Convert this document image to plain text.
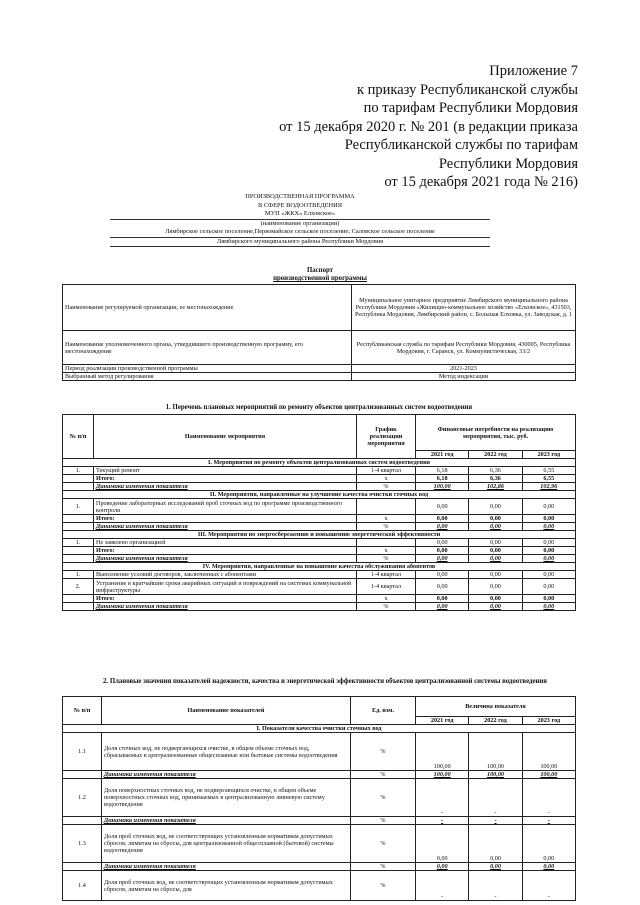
Приложение 7
к приказу Республиканской службы
по тарифам Республики Мордовия
от 15 декабря 2020 г. № 201 (в редакции приказа
Республиканской службы по тарифам
Республики Мордовия
от 15 декабря 2021 года № 216)
ПРОИЗВОДСТВЕННАЯ ПРОГРАММА
В СФЕРЕ ВОДООТВЕДЕНИЯ
МУП «ЖКХ» Елховское»
(наименование организации)
Лямбирское сельское поселение,Первомайское сельское поселение; Саловское сельское поселение
Лямбирского муниципального района Республики Мордовия
Паспорт
производственной программы
Наименование регулируемой организации, ее местонахождение	Муниципальное унитарное предприятие Лямбирского муниципального района Республики Мордовия «Жилищно-коммунальное хозяйство «Елховское», 431503, Республика Мордовия, Лямбирский район, с. Большая Елховка, ул. Заводская, д. 1
Наименование уполномоченного органа, утвердившего производственную программу, его местонахождение	Республиканская служба по тарифам Республики Мордовия, 430005, Республика Мордовия, г. Саранск, ул. Коммунистическая, 33/2
Период реализации производственной программы	2021-2023
Выбранный метод регулирования	Метод индексации
1. Перечень плановых мероприятий по ремонту объектов централизованных систем водоотведения
№ п/п	Наименование мероприятия	График реализации мероприятия	Финансовые потребности на реализацию мероприятия, тыс. руб.		
			2021 год	2022 год	2023 год
I. Мероприятия по ремонту объектов централизованных систем водоотведения					
1.	Текущий ремонт	1-4 квартал	6,18	6,36	6,55
	Итого:	х	6,18	6,36	6,55
	Динамика изменения показателя	%	100,00	102,86	102,96
II. Мероприятия, направленные на улучшение качества очистки сточных вод					
1.	Проведение лабораторных исследований проб сточных вод по программе производственного контроля		0,00	0,00	0,00
	Итого:	х	0,00	0,00	0,00
	Динамика изменения показателя	%	0,00	0,00	0,00
III. Мероприятия по энергосбережению и повышению энергетической эффективности					
1.	Не заявлено организацией		0,00	0,00	0,00
	Итого:	х	0,00	0,00	0,00
	Динамика изменения показателя	%	0,00	0,00	0,00
IV. Мероприятия, направленные на повышение качества обслуживания абонентов					
1.	Выполнение условий договоров, заключенных с абонентами	1-4 квартал	0,00	0,00	0,00
2.	Устранение в кратчайшие сроки аварийных ситуаций и повреждений на системах коммунальной инфраструктуры	1-4 квартал	0,00	0,00	0,00
	Итого:	х	0,00	0,00	0,00
	Динамика изменения показателя	%	0,00	0,00	0,00
2. Плановые значения показателей надежности, качества и энергетической эффективности объектов централизованной системы водоотведения
№ п/п	Наименование показателей	Ед. изм.	Величина показателя		
			2021 год	2022 год	2023 год
I. Показатели качества очистки сточных вод					
1.1	Доля сточных вод, не подвергающихся очистке, в общем объеме сточных вод, сбрасываемых в централизованные общесплавные или бытовые системы водоотведения	%	100,00	100,00	100,00
	Динамика изменения показателя	%	100,00	100,00	100,00
1.2	Доля поверхностных сточных вод, не подвергающихся очистке, в общем объеме поверхностных сточных вод, принимаемых в централизованную ливневую систему водоотведения	%	-	-	-
	Динамика изменения показателя	%	-	-	-
1.3	Доля проб сточных вод, не соответствующих установленным нормативам допустимых сбросов, лимитам на сбросы, для централизованной общесплавной (бытовой) системы водоотведения	%	0,00	0,00	0,00
	Динамика изменения показателя	%	0,00	0,00	0,00
1.4	Доля проб сточных вод, не соответствующих установленным нормативам допустимых сбросов, лимитам на сбросы, для	%	-	-	-
